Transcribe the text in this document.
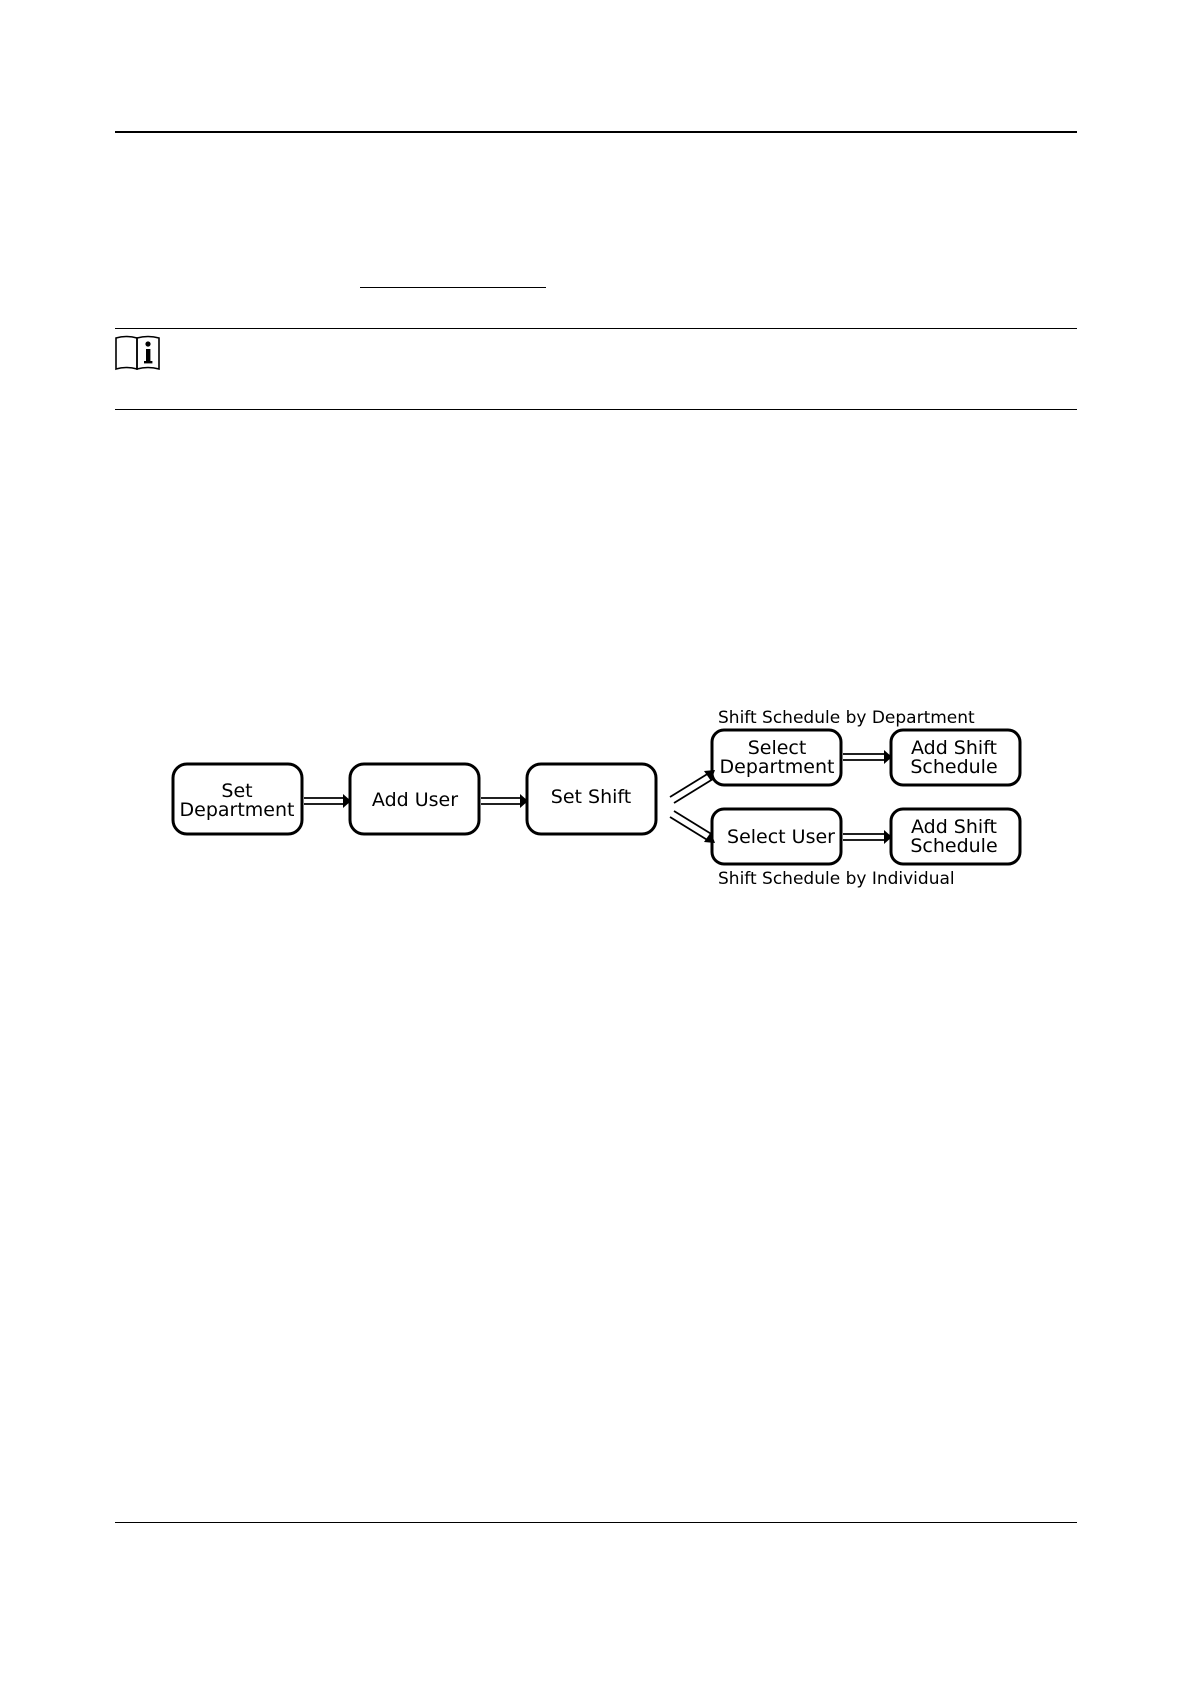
Set
Department	Add User	Set Shift
Select
Department
Add Shift
Schedule
Select User	Add Shift
Schedule
Shift Schedule by Department
Shift Schedule by Individual
